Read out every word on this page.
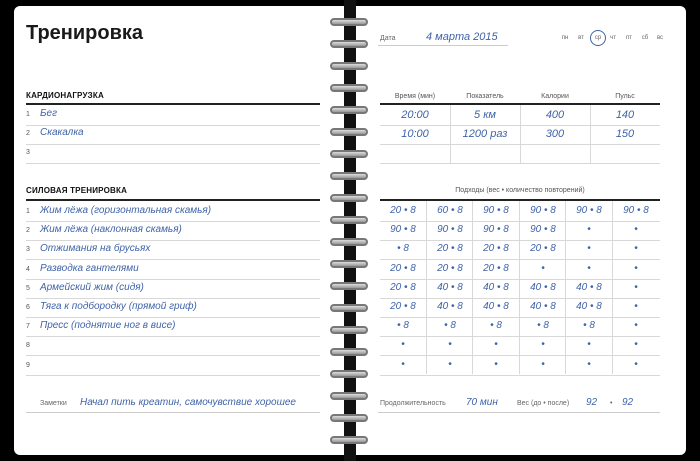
Тренировка
КАРДИОНАГРУЗКА
1	Бег
2	Скакалка
3
СИЛОВАЯ ТРЕНИРОВКА
1	Жим лёжа (горизонтальная скамья)
2	Жим лёжа (наклонная скамья)
3	Отжимания на брусьях
4	Разводка гантелями
5	Армейский жим (сидя)
6	Тяга к подбородку (прямой гриф)
7	Пресс (поднятие ног в висе)
8
9
Заметки Начал пить креатин, самочувствие хорошее
Дата	4 марта 2015	пн	вт	ср	чт	пт	сб	вс
Время (мин)	Показатель	Калории	Пульс
20:00	5 км	400	140
10:00	1200 раз	300	150
Подходы (вес • количество повторений)
20 • 8	60 • 8	90 • 8	90 • 8	90 • 8	90 • 8
90 • 8	90 • 8	90 • 8	90 • 8	•	•
• 8	20 • 8	20 • 8	20 • 8	•	•
20 • 8	20 • 8	20 • 8	•	•	•
20 • 8	40 • 8	40 • 8	40 • 8	40 • 8	•
20 • 8	40 • 8	40 • 8	40 • 8	40 • 8	•
• 8	• 8	• 8	• 8	• 8	•
•	•	•	•	•	•
•	•	•	•	•	•
Продолжительность 70 мин	Вес (до • после) 92 • 92
